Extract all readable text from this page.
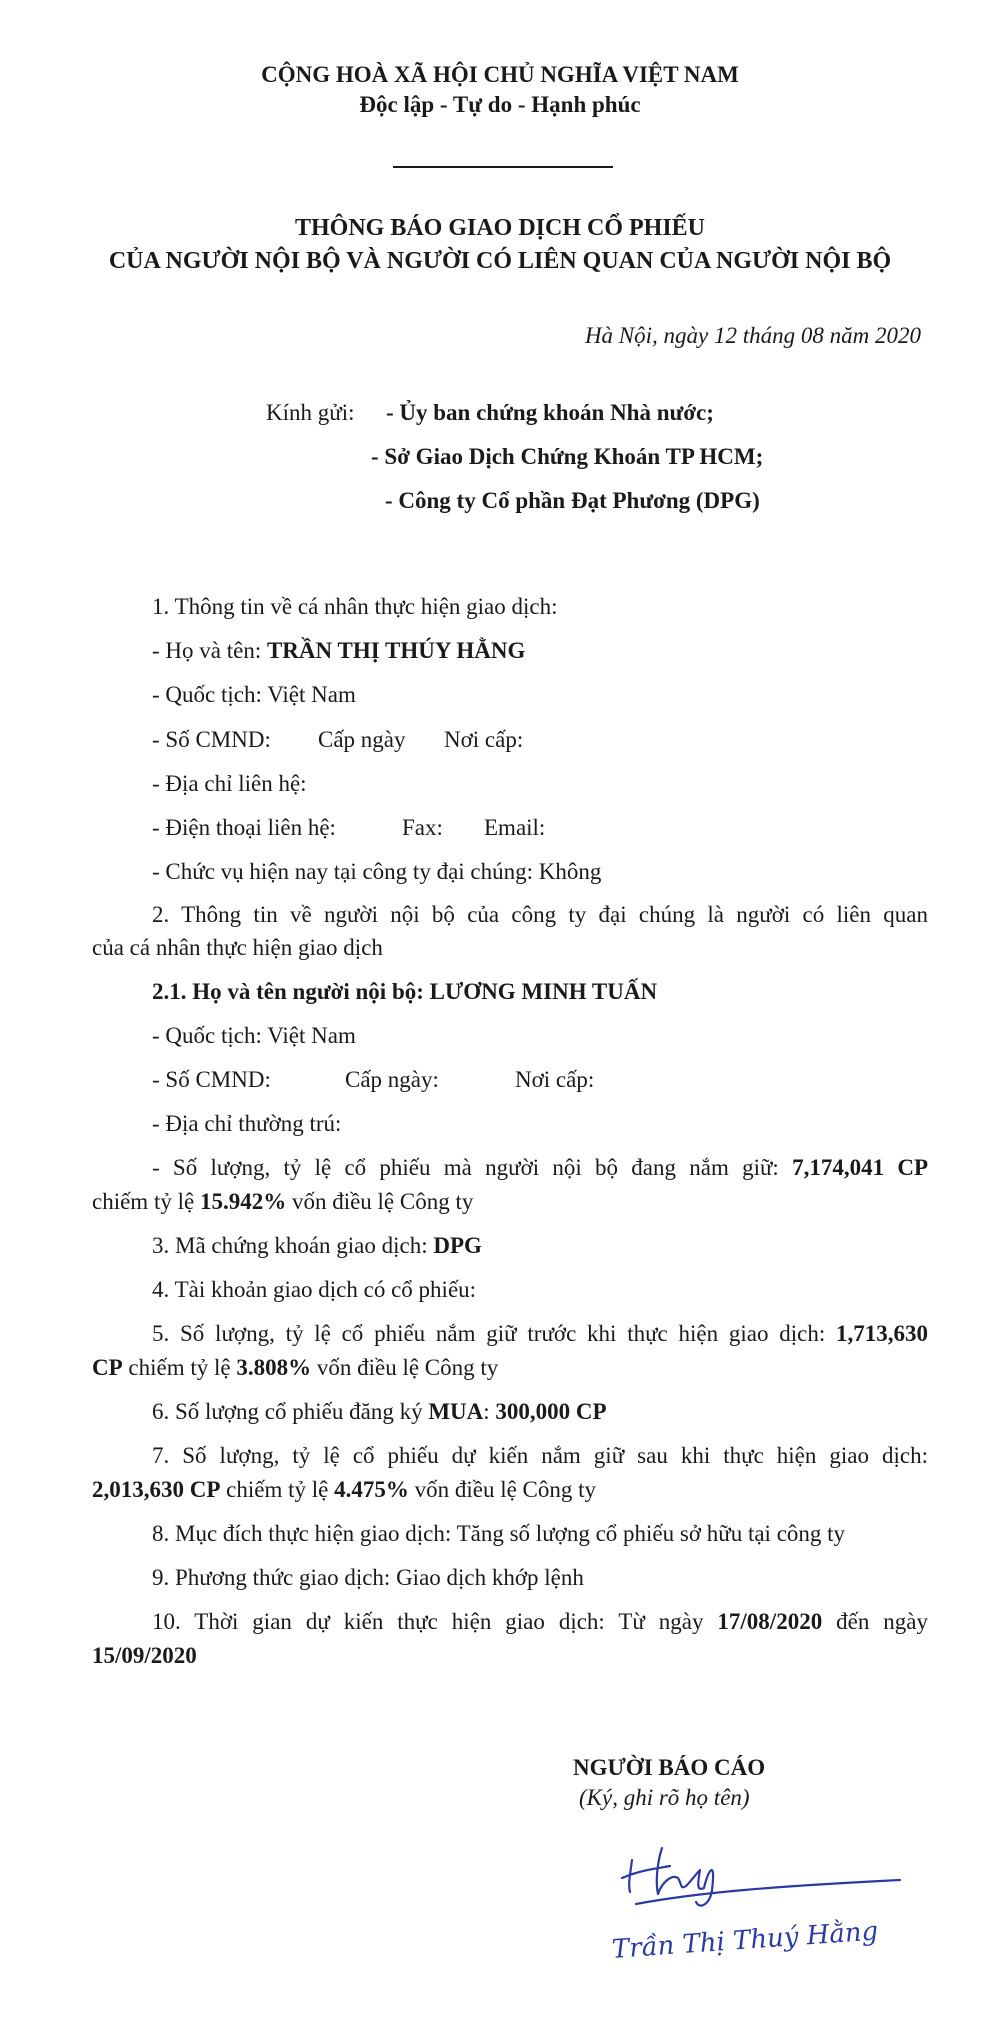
CỘNG HOÀ XÃ HỘI CHỦ NGHĨA VIỆT NAM
Độc lập - Tự do - Hạnh phúc
THÔNG BÁO GIAO DỊCH CỔ PHIẾU
CỦA NGƯỜI NỘI BỘ VÀ NGƯỜI CÓ LIÊN QUAN CỦA NGƯỜI NỘI BỘ
Hà Nội, ngày 12 tháng 08 năm 2020
Kính gửi: - Ủy ban chứng khoán Nhà nước;
- Sở Giao Dịch Chứng Khoán TP HCM;
- Công ty Cổ phần Đạt Phương (DPG)
1. Thông tin về cá nhân thực hiện giao dịch:
- Họ và tên: TRẦN THỊ THÚY HẰNG
- Quốc tịch: Việt Nam
- Số CMND: Cấp ngày Nơi cấp:
- Địa chỉ liên hệ:
- Điện thoại liên hệ:	Fax: Email:
- Chức vụ hiện nay tại công ty đại chúng: Không
2. Thông tin về người nội bộ của công ty đại chúng là người có liên quan
của cá nhân thực hiện giao dịch
2.1. Họ và tên người nội bộ: LƯƠNG MINH TUẤN
- Quốc tịch: Việt Nam
- Số CMND:	Cấp ngày:	Nơi cấp:
- Địa chỉ thường trú:
- Số lượng, tỷ lệ cổ phiếu mà người nội bộ đang nắm giữ: 7,174,041 CP
chiếm tỷ lệ 15.942% vốn điều lệ Công ty
3. Mã chứng khoán giao dịch: DPG
4. Tài khoản giao dịch có cổ phiếu:
5. Số lượng, tỷ lệ cổ phiếu nắm giữ trước khi thực hiện giao dịch: 1,713,630
CP chiếm tỷ lệ 3.808% vốn điều lệ Công ty
6. Số lượng cổ phiếu đăng ký MUA: 300,000 CP
7. Số lượng, tỷ lệ cổ phiếu dự kiến nắm giữ sau khi thực hiện giao dịch:
2,013,630 CP chiếm tỷ lệ 4.475% vốn điều lệ Công ty
8. Mục đích thực hiện giao dịch: Tăng số lượng cổ phiếu sở hữu tại công ty
9. Phương thức giao dịch: Giao dịch khớp lệnh
10. Thời gian dự kiến thực hiện giao dịch: Từ ngày 17/08/2020 đến ngày
15/09/2020
NGƯỜI BÁO CÁO
(Ký, ghi rõ họ tên)
Trần Thị Thuý Hằng
